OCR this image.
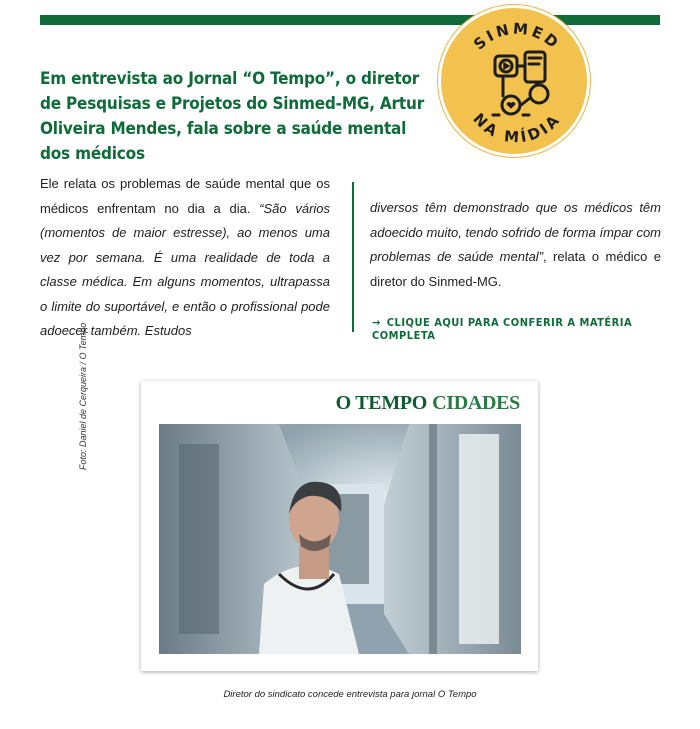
SINMED
NA MÍDIA
Em entrevista ao Jornal “O Tempo”, o diretor de Pesquisas e Projetos do Sinmed-MG, Artur Oliveira Mendes, fala sobre a saúde mental dos médicos
Ele relata os problemas de saúde mental que os médicos enfrentam no dia a dia. “São vários (momentos de maior estresse), ao menos uma vez por semana. É uma realidade de toda a classe médica. Em alguns momentos, ultrapassa o limite do suportável, e então o profissional pode adoecer também. Estudos
diversos têm demonstrado que os médicos têm adoecido muito, tendo sofrido de forma ímpar com problemas de saúde mental”, relata o médico e diretor do Sinmed-MG.
→ CLIQUE AQUI PARA CONFERIR A MATÉRIA COMPLETA
Foto: Daniel de Cerqueira / O Tempo	O TEMPO CIDADES
Diretor do sindicato concede entrevista para jornal O Tempo
